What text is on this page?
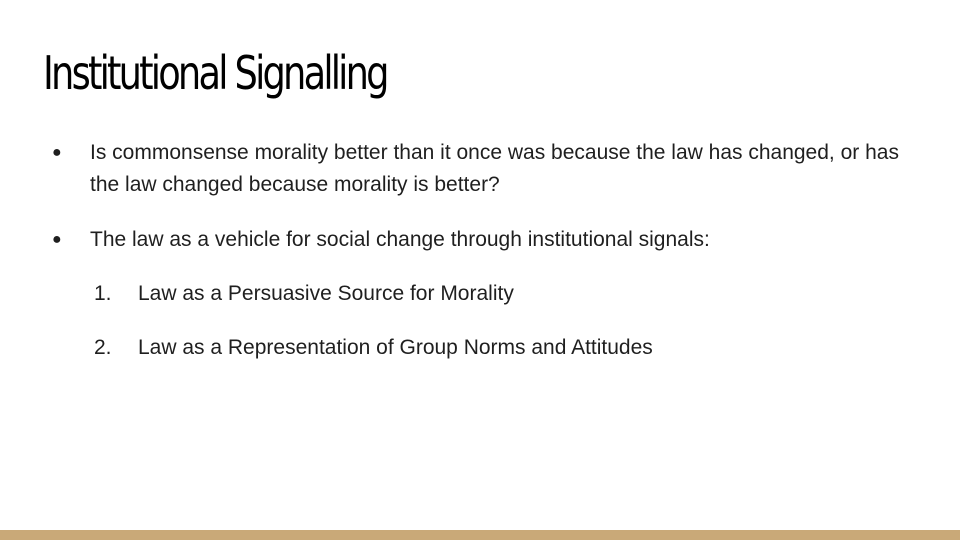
Institutional Signalling
● Is commonsense morality better than it once was because the law has changed, or has the law changed because morality is better?
● The law as a vehicle for social change through institutional signals:
1. Law as a Persuasive Source for Morality
2. Law as a Representation of Group Norms and Attitudes
